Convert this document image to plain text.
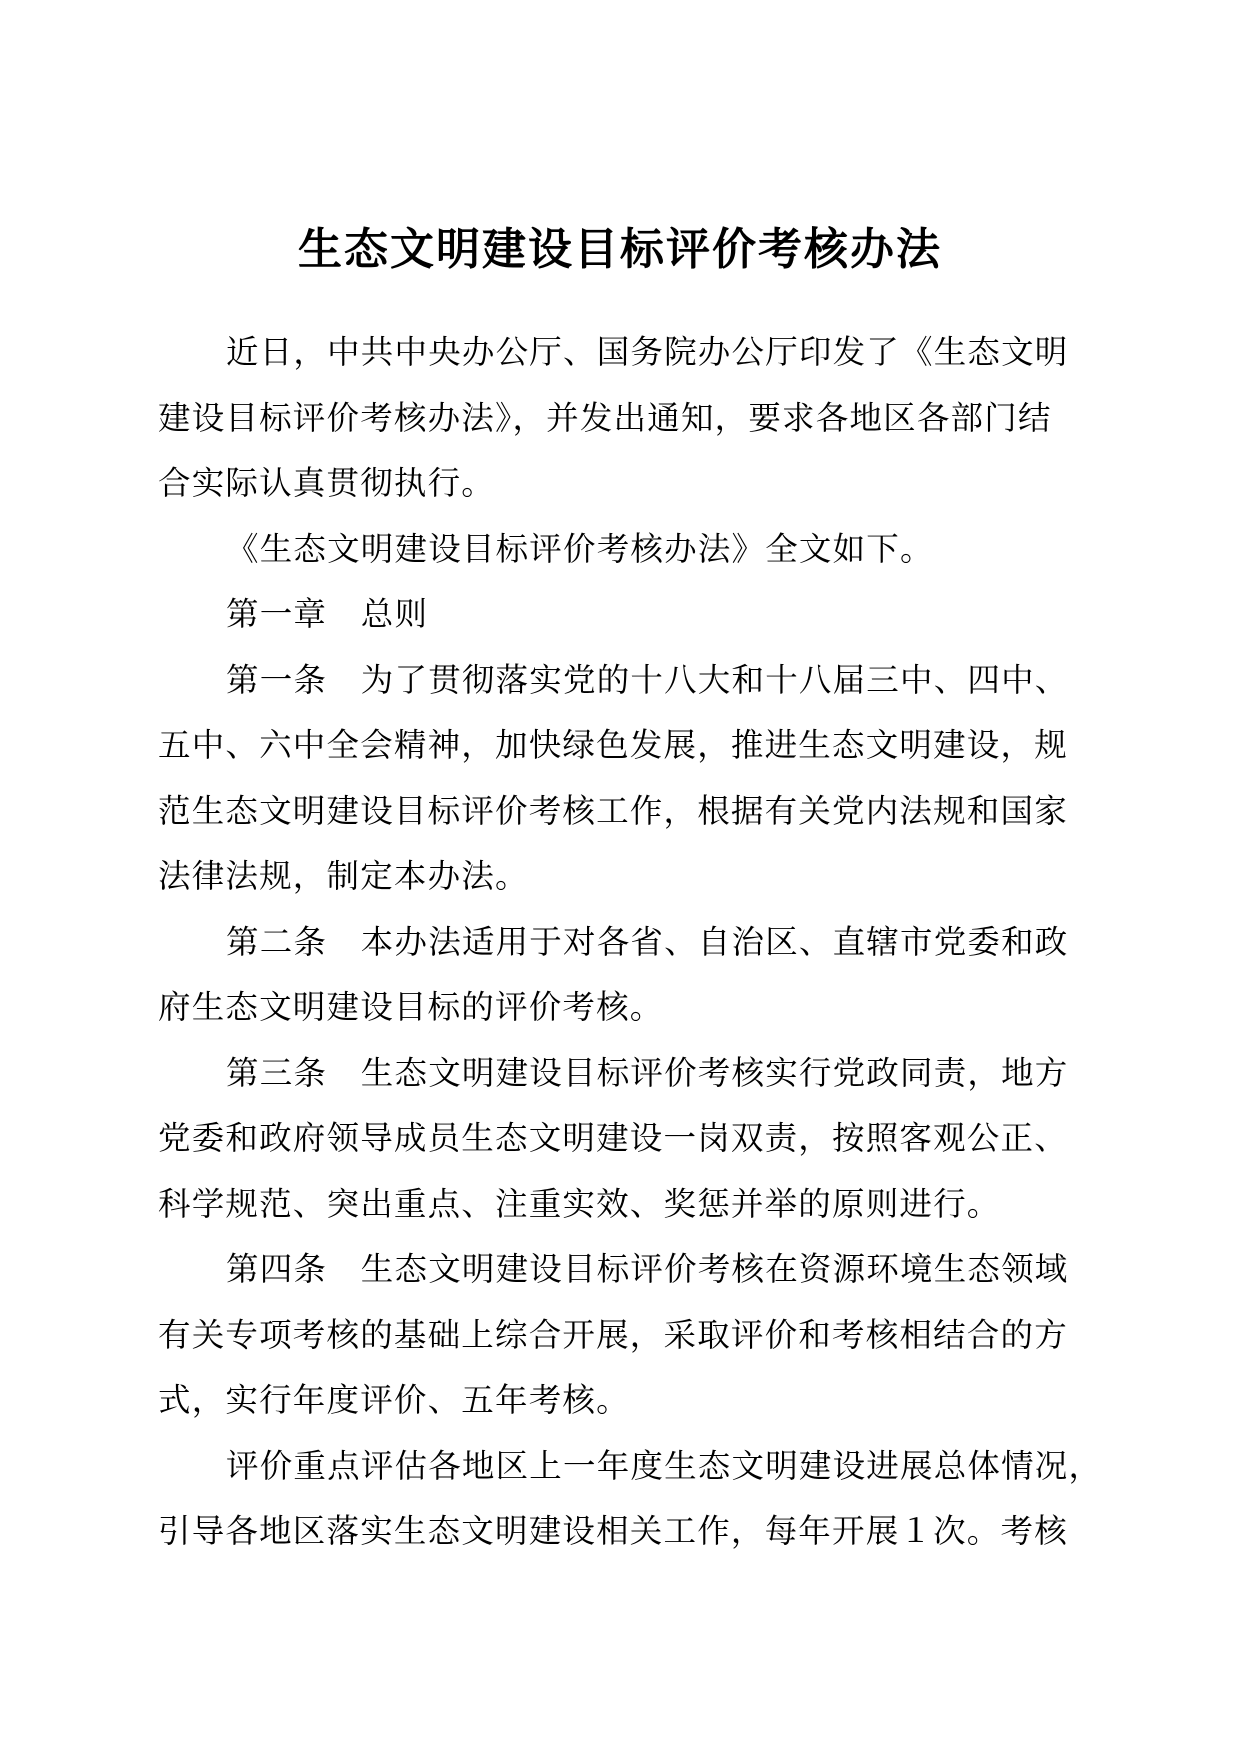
生态文明建设目标评价考核办法
近日，中共中央办公厅、国务院办公厅印发了《生态文明
建设目标评价考核办法》，并发出通知，要求各地区各部门结
合实际认真贯彻执行。
《生态文明建设目标评价考核办法》全文如下。
第一章　总则
第一条　为了贯彻落实党的十八大和十八届三中、四中、
五中、六中全会精神，加快绿色发展，推进生态文明建设，规
范生态文明建设目标评价考核工作，根据有关党内法规和国家
法律法规，制定本办法。
第二条　本办法适用于对各省、自治区、直辖市党委和政
府生态文明建设目标的评价考核。
第三条　生态文明建设目标评价考核实行党政同责，地方
党委和政府领导成员生态文明建设一岗双责，按照客观公正、
科学规范、突出重点、注重实效、奖惩并举的原则进行。
第四条　生态文明建设目标评价考核在资源环境生态领域
有关专项考核的基础上综合开展，采取评价和考核相结合的方
式，实行年度评价、五年考核。
评价重点评估各地区上一年度生态文明建设进展总体情况，
引导各地区落实生态文明建设相关工作，每年开展１次。考核
